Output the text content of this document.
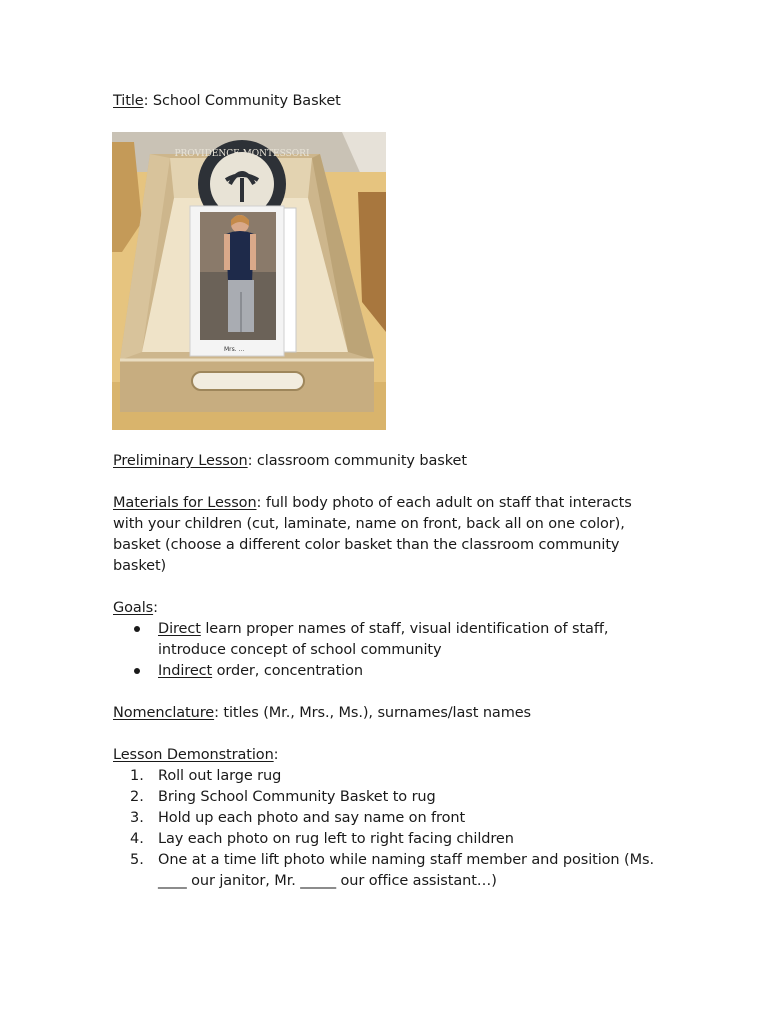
Title: School Community Basket
PROVIDENCE MONTESSORI
Mrs. ...
Preliminary Lesson: classroom community basket
Materials for Lesson: full body photo of each adult on staff that interacts
with your children (cut, laminate, name on front, back all on one color),
basket (choose a different color basket than the classroom community
basket)
Goals:
Direct learn proper names of staff, visual identification of staff,
introduce concept of school community
Indirect order, concentration
Nomenclature: titles (Mr., Mrs., Ms.), surnames/last names
Lesson Demonstration:
1. Roll out large rug
2. Bring School Community Basket to rug
3. Hold up each photo and say name on front
4. Lay each photo on rug left to right facing children
5. One at a time lift photo while naming staff member and position (Ms.
____ our janitor, Mr. _____ our office assistant…)
